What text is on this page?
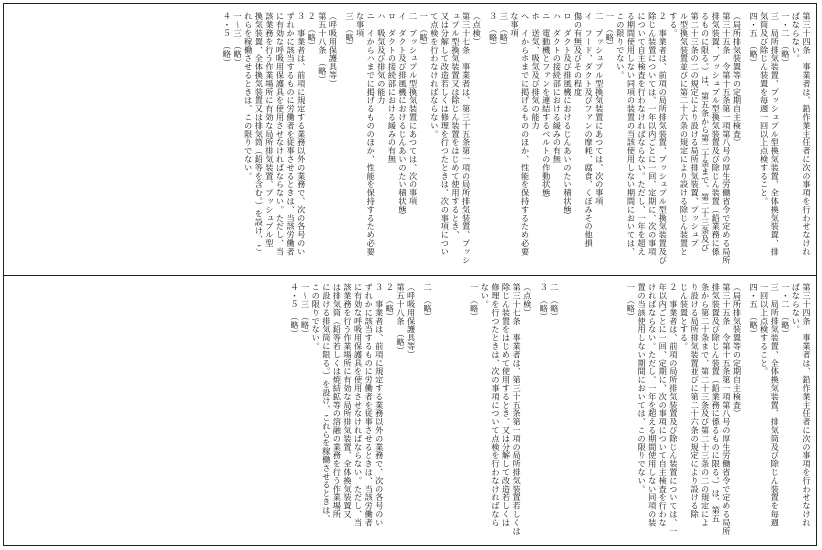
第三十四条　事業者は、鉛作業主任者に次の事項を行わせなけれ
ばならない。
一・二　（略）
三　局所排気装置、プッシュプル型換気装置、全体換気装置、排
気筒及び除じん装置を毎週一回以上点検すること。
四・五　（略）
（局所排気装置等の定期自主検査）
第三十五条　令第十五条第一項第八号の厚生労働省令で定める局所
排気装置、プッシュプル型換気装置及び除じん装置（鉛業務に係
るものに限る。）は、第五条から第二十条まで、第二十三条及び
第二十三条の二の規定により設ける局所排気装置、プッシュプ
ル型換気装置並びに第二十六条の規定により設ける除じん装置と
する。
２　事業者は、前項の局所排気装置、プッシュプル型換気装置及び
除じん装置については、一年以内ごとに一回、定期に、次の事項
について自主検査を行わなければならない。ただし、一年を超え
る期間使用しない同項の装置の当該使用しない期間においては、
この限りでない。
一　（略）
二　プッシュプル型換気装置にあつては、次の事項
イ　フード、ダクト及びファンの摩耗、腐食、くぼみその他損
傷の有無及びその程度
ロ　ダクト及び排風機におけるじんあいのたい積状態
ハ　ダクトの接続部における緩みの有無
ニ　電動機とファンを連結するベルトの作動状態
ホ　送気、吸気及び排気の能力
ヘ　イからホまでに掲げるもののほか、性能を保持するため必要
な事項
三　（略）
３　（略）
（点検）
第三十七条　事業者は、第三十五条第一項の局所排気装置、プッシ
ュプル型換気装置又は除じん装置をはじめて使用するとき、
又は分解して改造若しくは修理を行つたときは、次の事項につい
て点検を行わなければならない。
一　（略）
二　プッシュプル型換気装置にあつては、次の事項
イ　ダクト及び排風機におけるじんあいのたい積状態
ロ　ダクトの接続部における緩みの有無
ハ　吸気及び排気の能力
ニ　イからハまでに掲げるもののほか、性能を保持するため必要
な事項
三　（略）
（呼吸用保護具等）
第五十八条　（略）
２　（略）
３　事業者は、前項に規定する業務以外の業務で、次の各号のい
ずれかに該当するものに労働者を従事させるときは、当該労働者
に有効な呼吸用保護具を使用させなければならない。ただし、当
該業務を行う作業場所に有効な局所排気装置、プッシュプル型
換気装置、全体換気装置又は排気筒（鉛等を含む。）を設け、こ
れらを稼働させるときは、この限りでない。
一〜三　（略）
４・５　（略）
第三十四条　事業者は、鉛作業主任者に次の事項を行わせなけれ
ばならない。
一・二　（略）
三　局所排気装置、全体換気装置、排気筒及び除じん装置を毎週
一回以上点検すること。
四・五　（略）
（局所排気装置等の定期自主検査）
第三十五条　令第十五条第一項第八号の厚生労働省令で定める局所
排気装置及び除じん装置（鉛業務に係るものに限る。）は、第五
条から第二十条まで、第二十三条及び第二十三条の二の規定によ
り設ける局所排気装置並びに第二十六条の規定により設ける除
じん装置とする。
２　事業者は、前項の局所排気装置及び除じん装置については、一
年以内ごとに一回、定期に、次の事項について自主検査を行わな
ければならない。ただし、一年を超える期間使用しない同項の装
置の当該使用しない期間においては、この限りでない。
一　（略）
二　（略）
３　（略）
（点検）
第三十七条　事業者は、第三十五条第一項の局所排気装置若しくは
除じん装置をはじめて使用するとき、又は分解して改造若しくは
修理を行つたときは、次の事項について点検を行わなければなら
ない。
一　（略）
二　（略）
（呼吸用保護具等）
第五十八条　（略）
２　（略）
３　事業者は、前項に規定する業務以外の業務で、次の各号のい
ずれかに該当するものに労働者を従事させるときは、当該労働者
に有効な呼吸用保護具を使用させなければならない。ただし、当
該業務を行う作業場所に有効な局所排気装置、全体換気装置又
は排気筒（鉛等若しくは焼結鉱等の溶融の業務を行う作業場所
に設ける排気筒に限る。）を設け、これらを稼働させるときは、
この限りでない。
一〜三　（略）
４・５　（略）
